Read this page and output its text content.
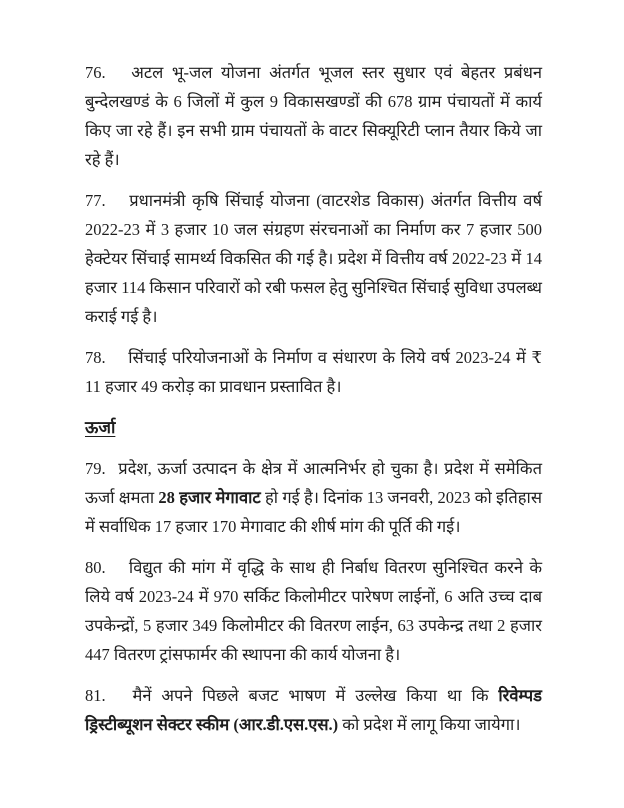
76. अटल भू-जल योजना अंतर्गत भूजल स्तर सुधार एवं बेहतर प्रबंधन बुन्देलखण्डं के 6 जिलों में कुल 9 विकासखण्डों की 678 ग्राम पंचायतों में कार्य किए जा रहे हैं। इन सभी ग्राम पंचायतों के वाटर सिक्यूरिटी प्लान तैयार किये जा रहे हैं।

77. प्रधानमंत्री कृषि सिंचाई योजना (वाटरशेड विकास) अंतर्गत वित्तीय वर्ष 2022-23 में 3 हजार 10 जल संग्रहण संरचनाओं का निर्माण कर 7 हजार 500 हेक्टेयर सिंचाई सामर्थ्य विकसित की गई है। प्रदेश में वित्तीय वर्ष 2022-23 में 14 हजार 114 किसान परिवारों को रबी फसल हेतु सुनिश्चित सिंचाई सुविधा उपलब्ध कराई गई है।

78. सिंचाई परियोजनाओं के निर्माण व संधारण के लिये वर्ष 2023-24 में ₹ 11 हजार 49 करोड़ का प्रावधान प्रस्तावित है।

ऊर्जा

79. प्रदेश, ऊर्जा उत्पादन के क्षेत्र में आत्मनिर्भर हो चुका है। प्रदेश में समेकित ऊर्जा क्षमता 28 हजार मेगावाट हो गई है। दिनांक 13 जनवरी, 2023 को इतिहास में सर्वाधिक 17 हजार 170 मेगावाट की शीर्ष मांग की पूर्ति की गई।

80. विद्युत की मांग में वृद्धि के साथ ही निर्बाध वितरण सुनिश्चित करने के लिये वर्ष 2023-24 में 970 सर्किट किलोमीटर पारेषण लाईनों, 6 अति उच्च दाब उपकेन्द्रों, 5 हजार 349 किलोमीटर की वितरण लाईन, 63 उपकेन्द्र तथा 2 हजार 447 वितरण ट्रांसफार्मर की स्थापना की कार्य योजना है।

81. मैनें अपने पिछले बजट भाषण में उल्लेख किया था कि रिवेम्पड ड्रिस्टीब्यूशन सेक्टर स्कीम (आर.डी.एस.एस.) को प्रदेश में लागू किया जायेगा।
